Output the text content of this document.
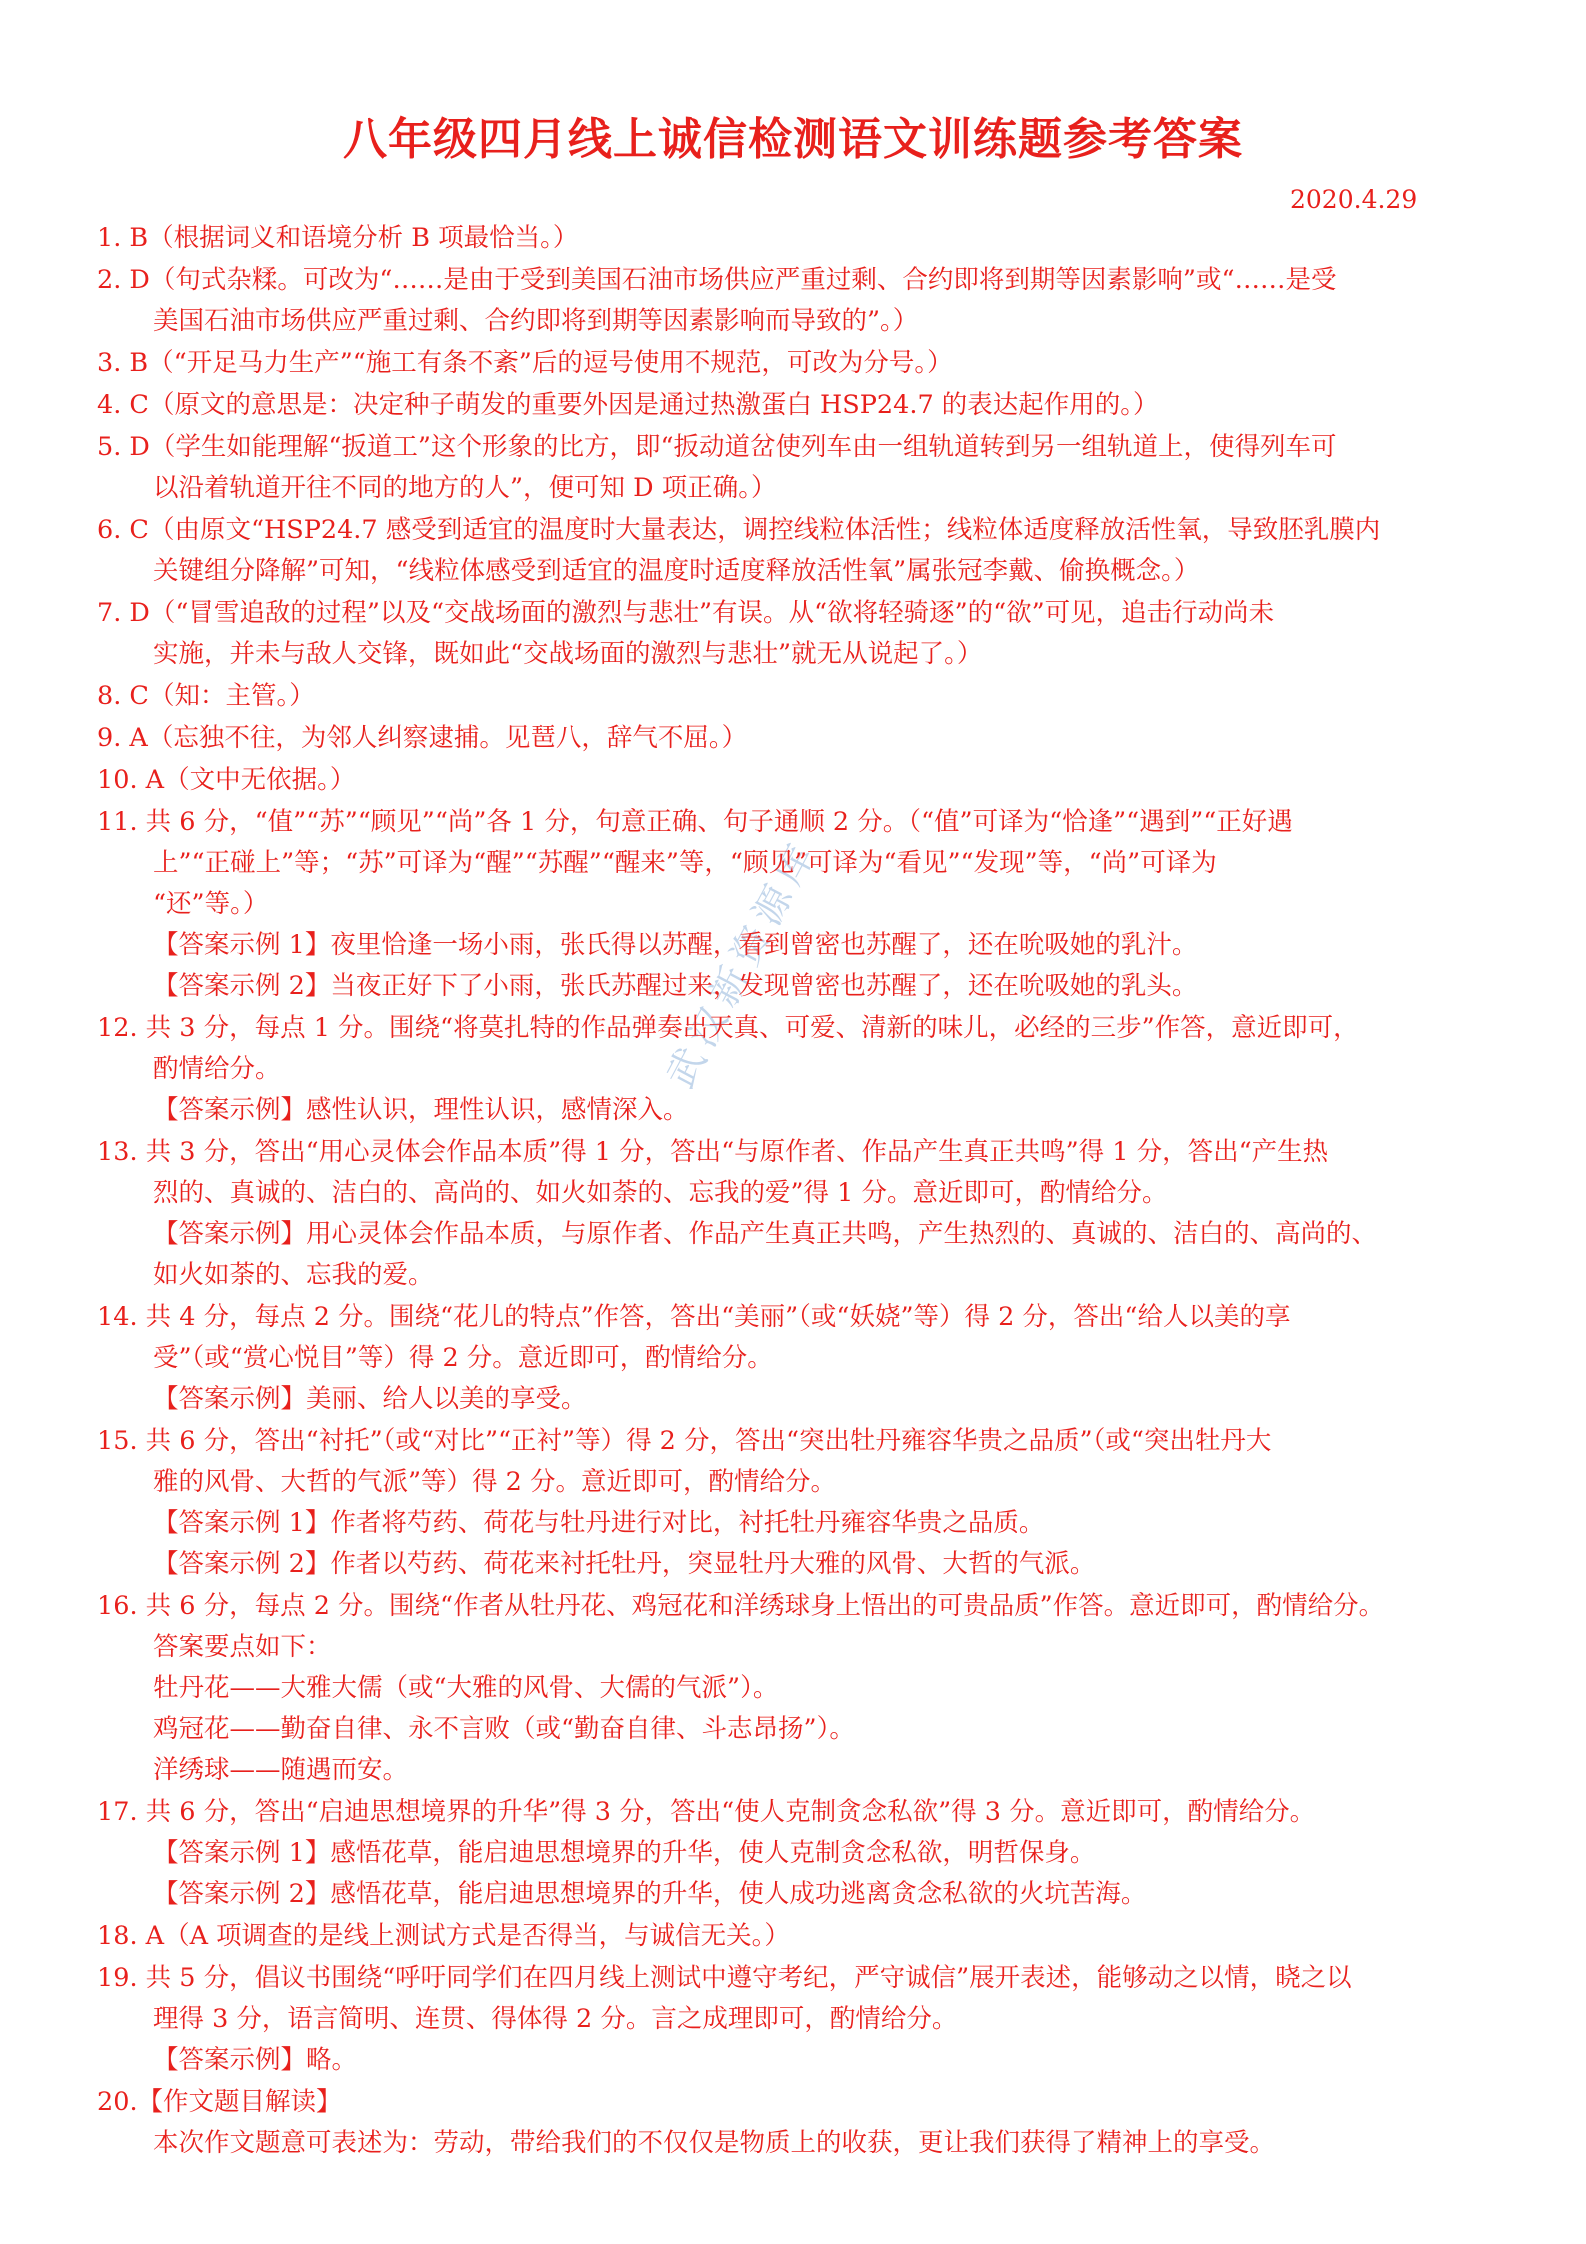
八年级四月线上诚信检测语文训练题参考答案
2020.4.29
武汉新资源库
1. B（根据词义和语境分析 B 项最恰当。）
2. D（句式杂糅。可改为“……是由于受到美国石油市场供应严重过剩、合约即将到期等因素影响”或“……是受
美国石油市场供应严重过剩、合约即将到期等因素影响而导致的”。）
3. B（“开足马力生产”“施工有条不紊”后的逗号使用不规范，可改为分号。）
4. C（原文的意思是：决定种子萌发的重要外因是通过热激蛋白 HSP24.7 的表达起作用的。）
5. D（学生如能理解“扳道工”这个形象的比方，即“扳动道岔使列车由一组轨道转到另一组轨道上，使得列车可
以沿着轨道开往不同的地方的人”，便可知 D 项正确。）
6. C（由原文“HSP24.7 感受到适宜的温度时大量表达，调控线粒体活性；线粒体适度释放活性氧，导致胚乳膜内
关键组分降解”可知，“线粒体感受到适宜的温度时适度释放活性氧”属张冠李戴、偷换概念。）
7. D（“冒雪追敌的过程”以及“交战场面的激烈与悲壮”有误。从“欲将轻骑逐”的“欲”可见，追击行动尚未
实施，并未与敌人交锋，既如此“交战场面的激烈与悲壮”就无从说起了。）
8. C（知：主管。）
9. A（忘独不往，为邻人纠察逮捕。见琶八，辞气不屈。）
10. A（文中无依据。）
11. 共 6 分，“值”“苏”“顾见”“尚”各 1 分，句意正确、句子通顺 2 分。（“值”可译为“恰逢”“遇到”“正好遇
上”“正碰上”等；“苏”可译为“醒”“苏醒”“醒来”等，“顾见”可译为“看见”“发现”等，“尚”可译为
“还”等。）
【答案示例 1】夜里恰逢一场小雨，张氏得以苏醒，看到曾密也苏醒了，还在吮吸她的乳汁。
【答案示例 2】当夜正好下了小雨，张氏苏醒过来，发现曾密也苏醒了，还在吮吸她的乳头。
12. 共 3 分，每点 1 分。围绕“将莫扎特的作品弹奏出天真、可爱、清新的味儿，必经的三步”作答，意近即可，
酌情给分。
【答案示例】感性认识，理性认识，感情深入。
13. 共 3 分，答出“用心灵体会作品本质”得 1 分，答出“与原作者、作品产生真正共鸣”得 1 分，答出“产生热
烈的、真诚的、洁白的、高尚的、如火如荼的、忘我的爱”得 1 分。意近即可，酌情给分。
【答案示例】用心灵体会作品本质，与原作者、作品产生真正共鸣，产生热烈的、真诚的、洁白的、高尚的、
如火如荼的、忘我的爱。
14. 共 4 分，每点 2 分。围绕“花儿的特点”作答，答出“美丽”（或“妖娆”等）得 2 分，答出“给人以美的享
受”（或“赏心悦目”等）得 2 分。意近即可，酌情给分。
【答案示例】美丽、给人以美的享受。
15. 共 6 分，答出“衬托”（或“对比”“正衬”等）得 2 分，答出“突出牡丹雍容华贵之品质”（或“突出牡丹大
雅的风骨、大哲的气派”等）得 2 分。意近即可，酌情给分。
【答案示例 1】作者将芍药、荷花与牡丹进行对比，衬托牡丹雍容华贵之品质。
【答案示例 2】作者以芍药、荷花来衬托牡丹，突显牡丹大雅的风骨、大哲的气派。
16. 共 6 分，每点 2 分。围绕“作者从牡丹花、鸡冠花和洋绣球身上悟出的可贵品质”作答。意近即可，酌情给分。
答案要点如下：
牡丹花——大雅大儒（或“大雅的风骨、大儒的气派”）。
鸡冠花——勤奋自律、永不言败（或“勤奋自律、斗志昂扬”）。
洋绣球——随遇而安。
17. 共 6 分，答出“启迪思想境界的升华”得 3 分，答出“使人克制贪念私欲”得 3 分。意近即可，酌情给分。
【答案示例 1】感悟花草，能启迪思想境界的升华，使人克制贪念私欲，明哲保身。
【答案示例 2】感悟花草，能启迪思想境界的升华，使人成功逃离贪念私欲的火坑苦海。
18. A（A 项调查的是线上测试方式是否得当，与诚信无关。）
19. 共 5 分，倡议书围绕“呼吁同学们在四月线上测试中遵守考纪，严守诚信”展开表述，能够动之以情，晓之以
理得 3 分，语言简明、连贯、得体得 2 分。言之成理即可，酌情给分。
【答案示例】略。
20.【作文题目解读】
本次作文题意可表述为：劳动，带给我们的不仅仅是物质上的收获，更让我们获得了精神上的享受。
